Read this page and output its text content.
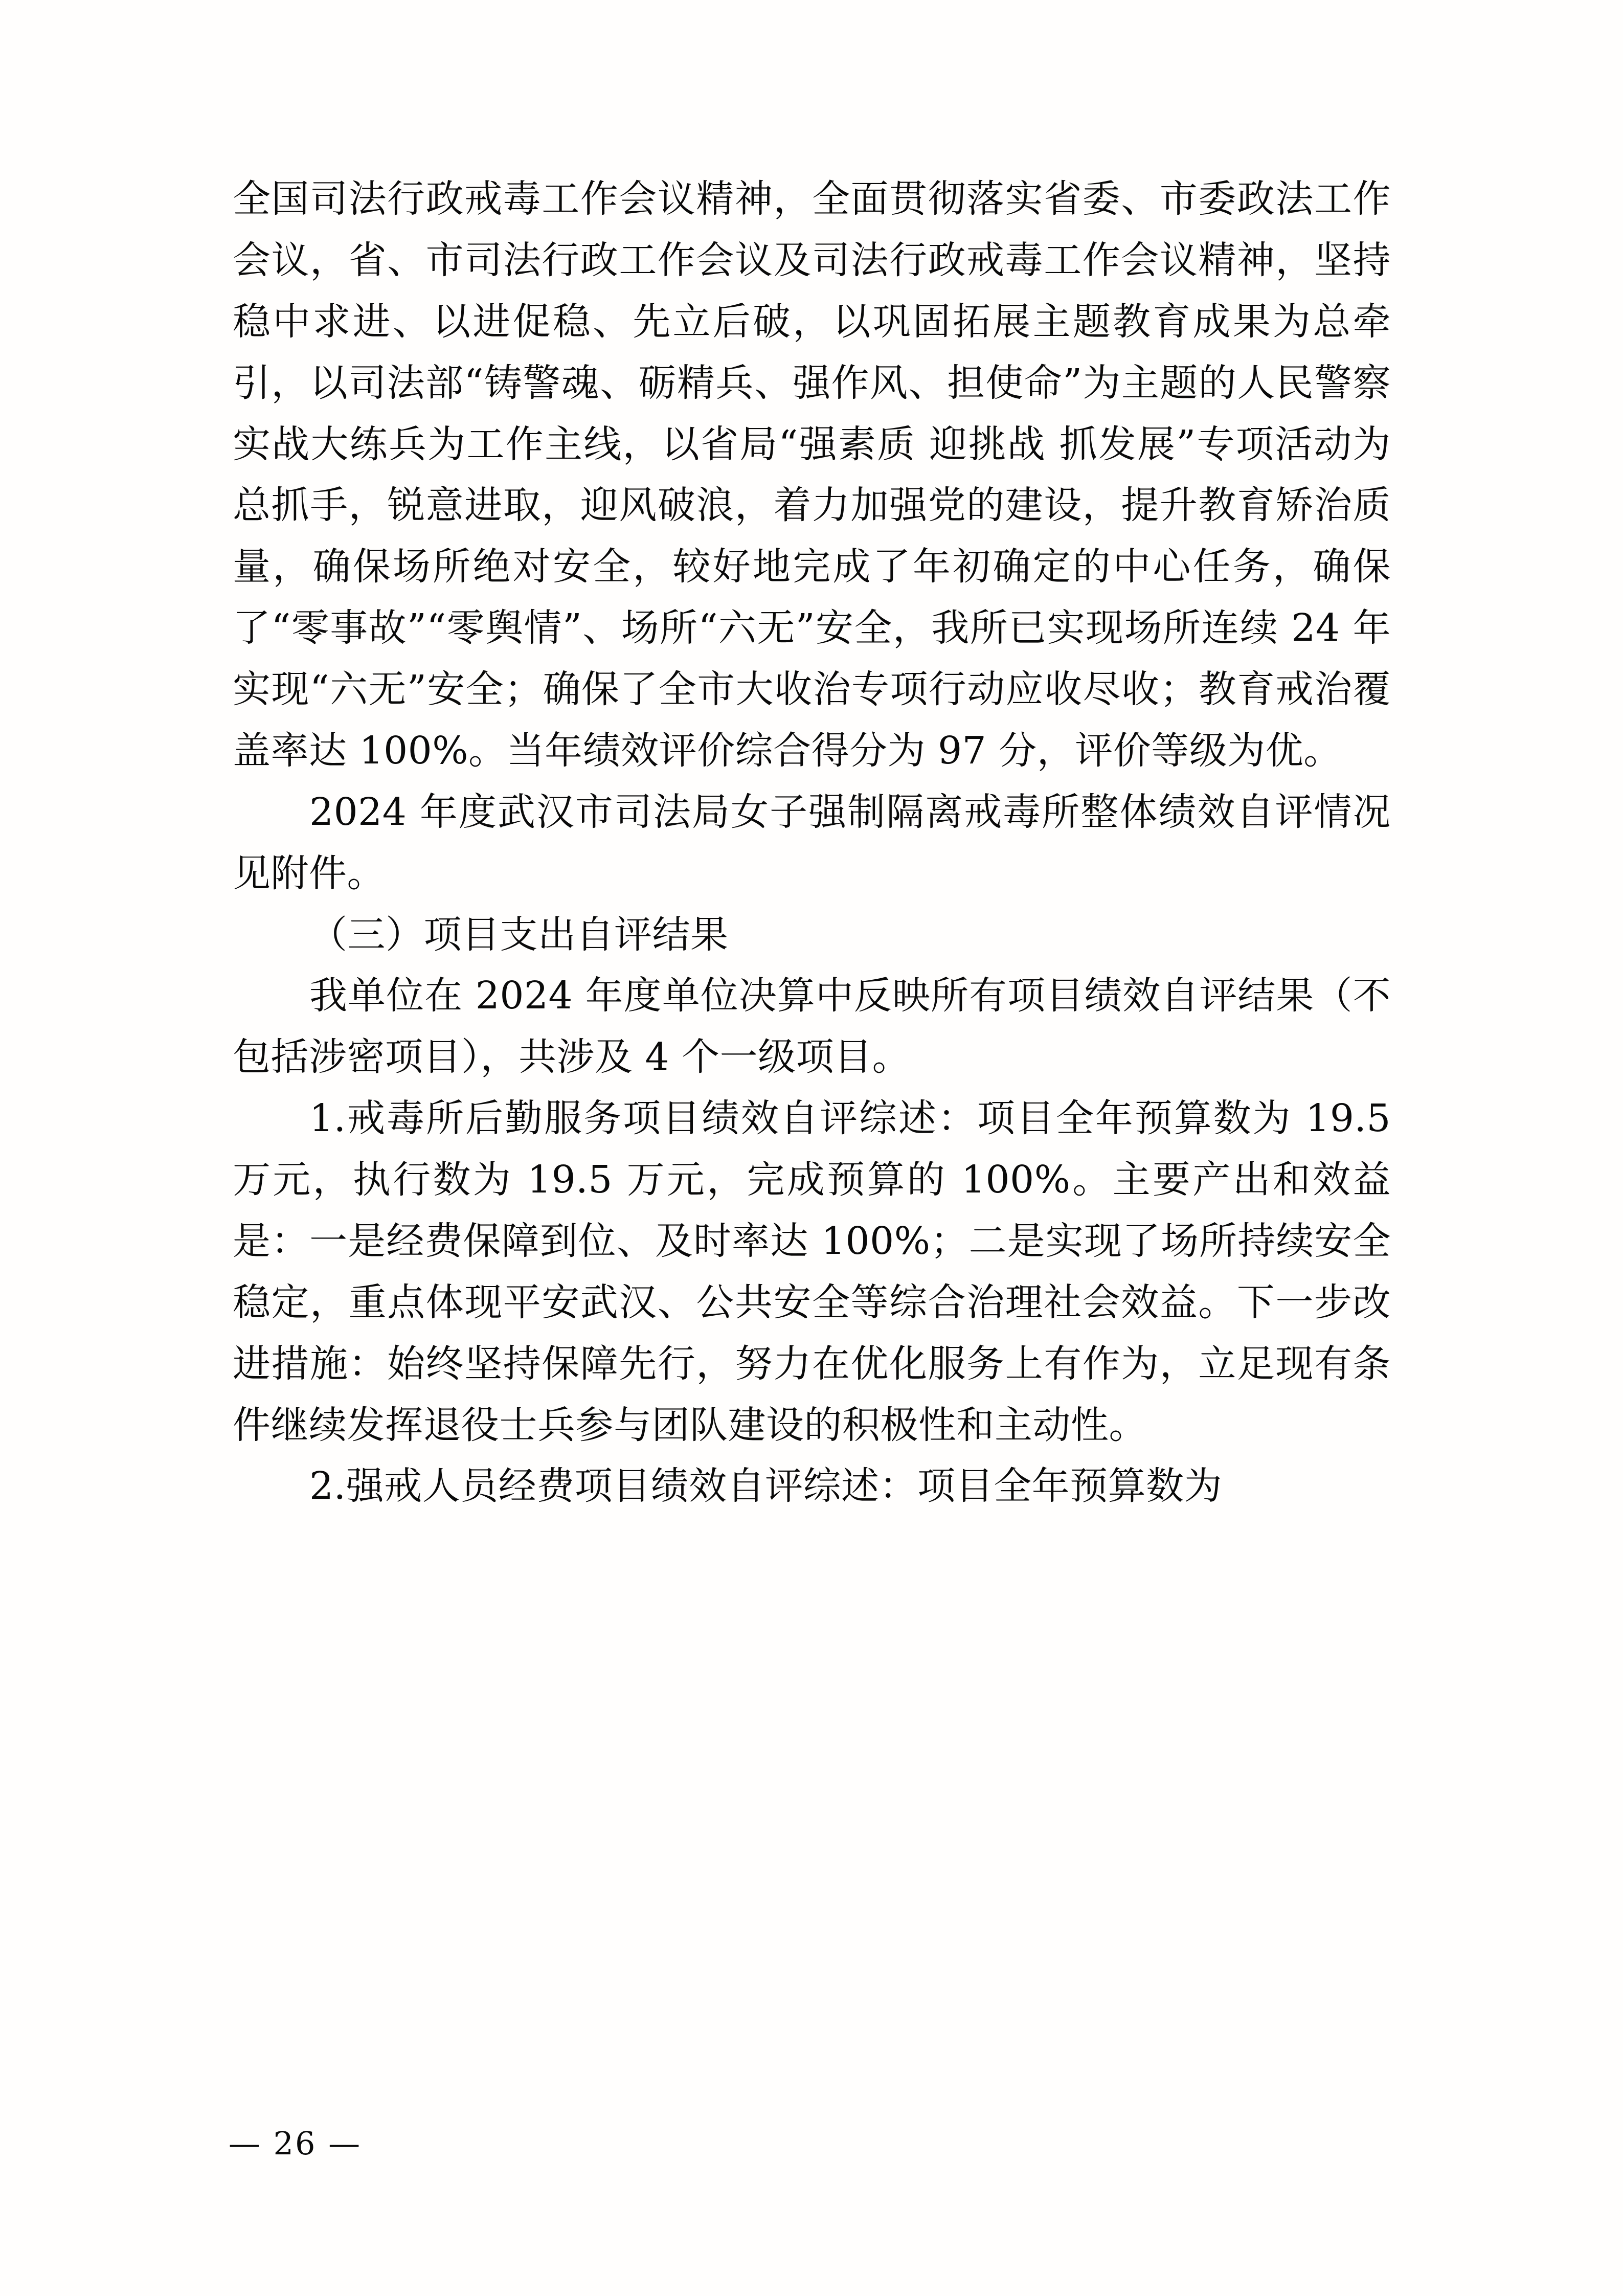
全国司法行政戒毒工作会议精神，全面贯彻落实省委、市委政法工作会议，省、市司法行政工作会议及司法行政戒毒工作会议精神，坚持稳中求进、以进促稳、先立后破，以巩固拓展主题教育成果为总牵引，以司法部“铸警魂、砺精兵、强作风、担使命”为主题的人民警察实战大练兵为工作主线，以省局“强素质 迎挑战 抓发展”专项活动为总抓手，锐意进取，迎风破浪，着力加强党的建设，提升教育矫治质量，确保场所绝对安全，较好地完成了年初确定的中心任务，确保了“零事故”“零舆情”、场所“六无”安全，我所已实现场所连续 24 年实现“六无”安全；确保了全市大收治专项行动应收尽收；教育戒治覆盖率达 100%。当年绩效评价综合得分为 97 分，评价等级为优。

2024 年度武汉市司法局女子强制隔离戒毒所整体绩效自评情况见附件。

（三）项目支出自评结果

我单位在 2024 年度单位决算中反映所有项目绩效自评结果（不包括涉密项目），共涉及 4 个一级项目。

1.戒毒所后勤服务项目绩效自评综述：项目全年预算数为 19.5 万元，执行数为 19.5 万元，完成预算的 100%。主要产出和效益是：一是经费保障到位、及时率达 100%；二是实现了场所持续安全稳定，重点体现平安武汉、公共安全等综合治理社会效益。下一步改进措施：始终坚持保障先行，努力在优化服务上有作为，立足现有条件继续发挥退役士兵参与团队建设的积极性和主动性。

2.强戒人员经费项目绩效自评综述：项目全年预算数为

— 26 —
